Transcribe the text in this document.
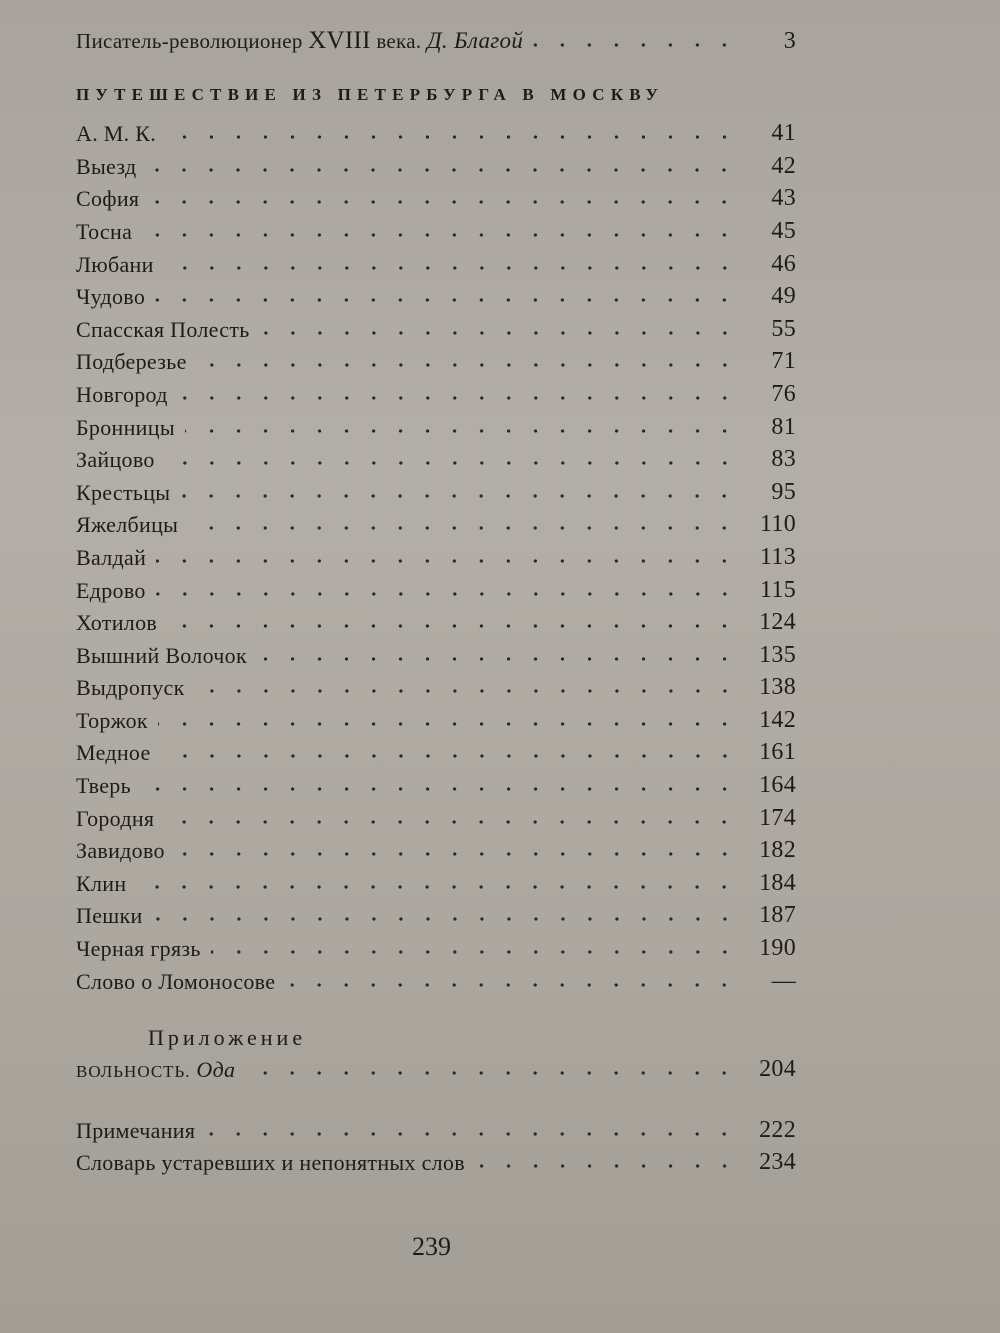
Писатель-революционер XVIII века. Д. Благой	3
ПУТЕШЕСТВИЕ ИЗ ПЕТЕРБУРГА В МОСКВУ
А. М. К.	41
Выезд	42
София	43
Тосна	45
Любани	46
Чудово	49
Спасская Полесть	55
Подберезье	71
Новгород	76
Бронницы	81
Зайцово	83
Крестьцы	95
Яжелбицы	110
Валдай	113
Едрово	115
Хотилов	124
Вышний Волочок	135
Выдропуск	138
Торжок	142
Медное	161
Тверь	164
Городня	174
Завидово	182
Клин	184
Пешки	187
Черная грязь	190
Слово о Ломоносове	—
Приложение
ВОЛЬНОСТЬ. Ода	204
Примечания	222
Словарь устаревших и непонятных слов	234
239
